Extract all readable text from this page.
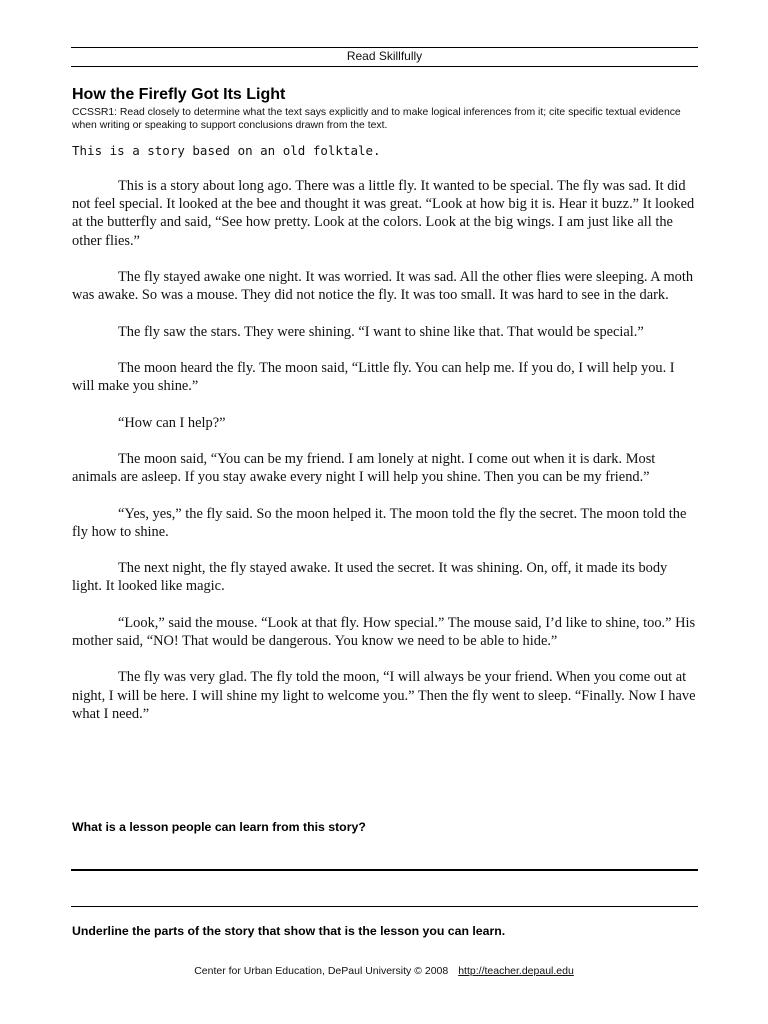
Read Skillfully
How the Firefly Got Its Light
CCSSR1: Read closely to determine what the text says explicitly and to make logical inferences from it; cite specific textual evidence when writing or speaking to support conclusions drawn from the text.
This is a story based on an old folktale.

This is a story about long ago. There was a little fly. It wanted to be special. The fly was sad. It did not feel special. It looked at the bee and thought it was great. “Look at how big it is. Hear it buzz.” It looked at the butterfly and said, “See how pretty. Look at the colors. Look at the big wings. I am just like all the other flies.”

The fly stayed awake one night. It was worried. It was sad. All the other flies were sleeping. A moth was awake. So was a mouse. They did not notice the fly. It was too small. It was hard to see in the dark.

The fly saw the stars. They were shining. “I want to shine like that. That would be special.”

The moon heard the fly. The moon said, “Little fly. You can help me. If you do, I will help you. I will make you shine.”

“How can I help?”

The moon said, “You can be my friend. I am lonely at night. I come out when it is dark. Most animals are asleep. If you stay awake every night I will help you shine. Then you can be my friend.”

“Yes, yes,” the fly said. So the moon helped it. The moon told the fly the secret. The moon told the fly how to shine.

The next night, the fly stayed awake. It used the secret. It was shining. On, off, it made its body light. It looked like magic.

“Look,” said the mouse. “Look at that fly. How special.” The mouse said, I’d like to shine, too.” His mother said, “NO! That would be dangerous. You know we need to be able to hide.”

The fly was very glad. The fly told the moon, “I will always be your friend. When you come out at night, I will be here. I will shine my light to welcome you.” Then the fly went to sleep. “Finally. Now I have what I need.”

What is a lesson people can learn from this story?
Underline the parts of the story that show that is the lesson you can learn.
Center for Urban Education, DePaul University © 2008 http://teacher.depaul.edu
